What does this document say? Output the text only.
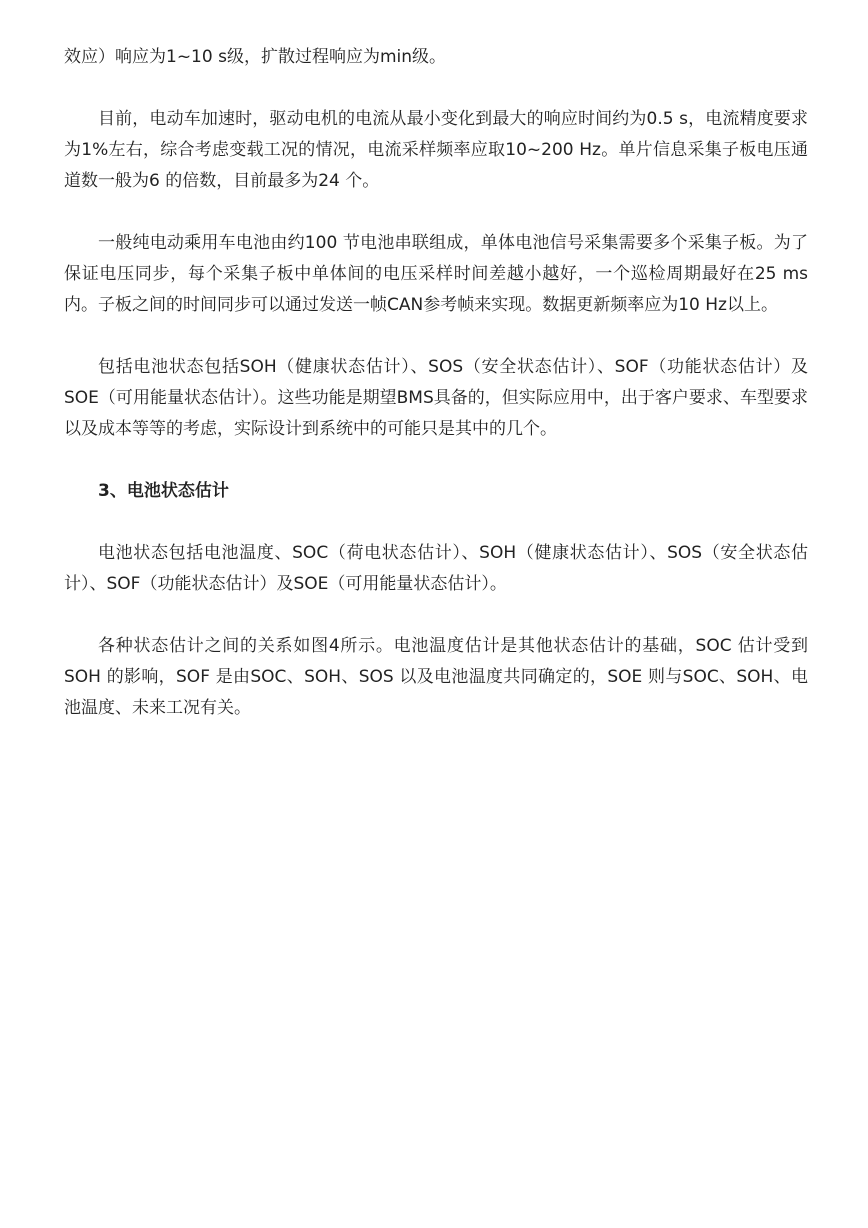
效应）响应为1~10 s级，扩散过程响应为min级。

目前，电动车加速时，驱动电机的电流从最小变化到最大的响应时间约为0.5 s，电流精度要求为1%左右，综合考虑变载工况的情况，电流采样频率应取10~200 Hz。单片信息采集子板电压通道数一般为6 的倍数，目前最多为24 个。

一般纯电动乘用车电池由约100 节电池串联组成，单体电池信号采集需要多个采集子板。为了保证电压同步，每个采集子板中单体间的电压采样时间差越小越好，一个巡检周期最好在25 ms内。子板之间的时间同步可以通过发送一帧CAN参考帧来实现。数据更新频率应为10 Hz以上。

包括电池状态包括SOH（健康状态估计）、SOS（安全状态估计）、SOF（功能状态估计）及SOE（可用能量状态估计）。这些功能是期望BMS具备的，但实际应用中，出于客户要求、车型要求以及成本等等的考虑，实际设计到系统中的可能只是其中的几个。

3、电池状态估计

电池状态包括电池温度、SOC（荷电状态估计）、SOH（健康状态估计）、SOS（安全状态估计）、SOF（功能状态估计）及SOE（可用能量状态估计）。

各种状态估计之间的关系如图4所示。电池温度估计是其他状态估计的基础，SOC 估计受到SOH 的影响，SOF 是由SOC、SOH、SOS 以及电池温度共同确定的，SOE 则与SOC、SOH、电池温度、未来工况有关。
